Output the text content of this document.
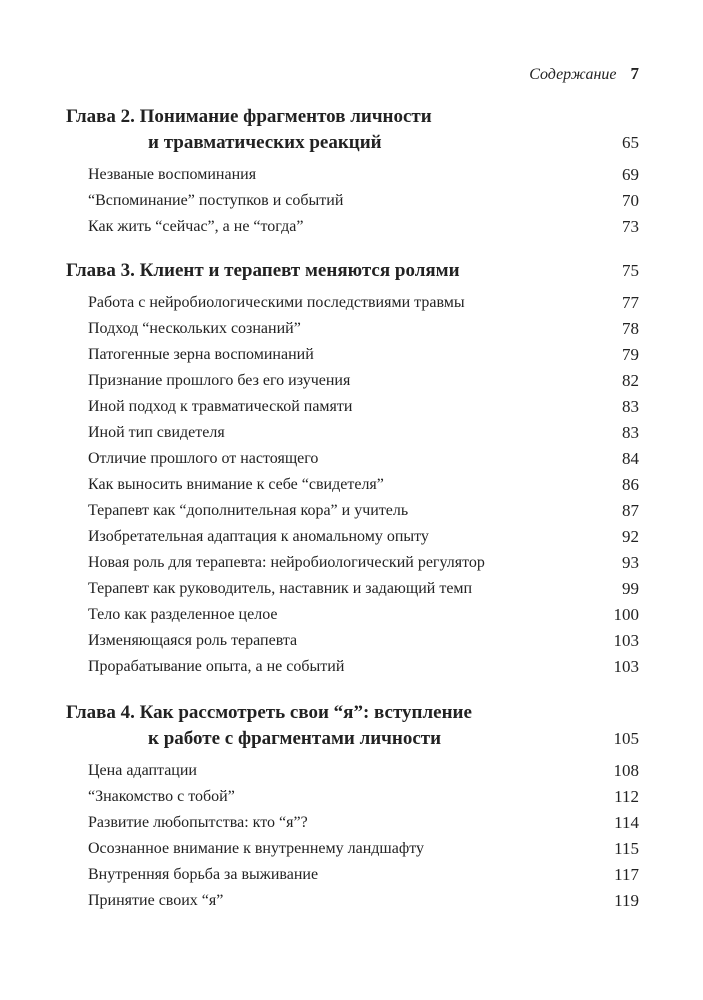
Содержание 7
Глава 2. Понимание фрагментов личности
и травматических реакций	65
Незваные воспоминания	69
“Вспоминание” поступков и событий	70
Как жить “сейчас”, а не “тогда”	73
Глава 3. Клиент и терапевт меняются ролями	75
Работа с нейробиологическими последствиями травмы	77
Подход “нескольких сознаний”	78
Патогенные зерна воспоминаний	79
Признание прошлого без его изучения	82
Иной подход к травматической памяти	83
Иной тип свидетеля	83
Отличие прошлого от настоящего	84
Как выносить внимание к себе “свидетеля”	86
Терапевт как “дополнительная кора” и учитель	87
Изобретательная адаптация к аномальному опыту	92
Новая роль для терапевта: нейробиологический регулятор	93
Терапевт как руководитель, наставник и задающий темп	99
Тело как разделенное целое	100
Изменяющаяся роль терапевта	103
Прорабатывание опыта, а не событий	103
Глава 4. Как рассмотреть свои “я”: вступление
к работе с фрагментами личности	105
Цена адаптации	108
“Знакомство с тобой”	112
Развитие любопытства: кто “я”?	114
Осознанное внимание к внутреннему ландшафту	115
Внутренняя борьба за выживание	117
Принятие своих “я”	119
